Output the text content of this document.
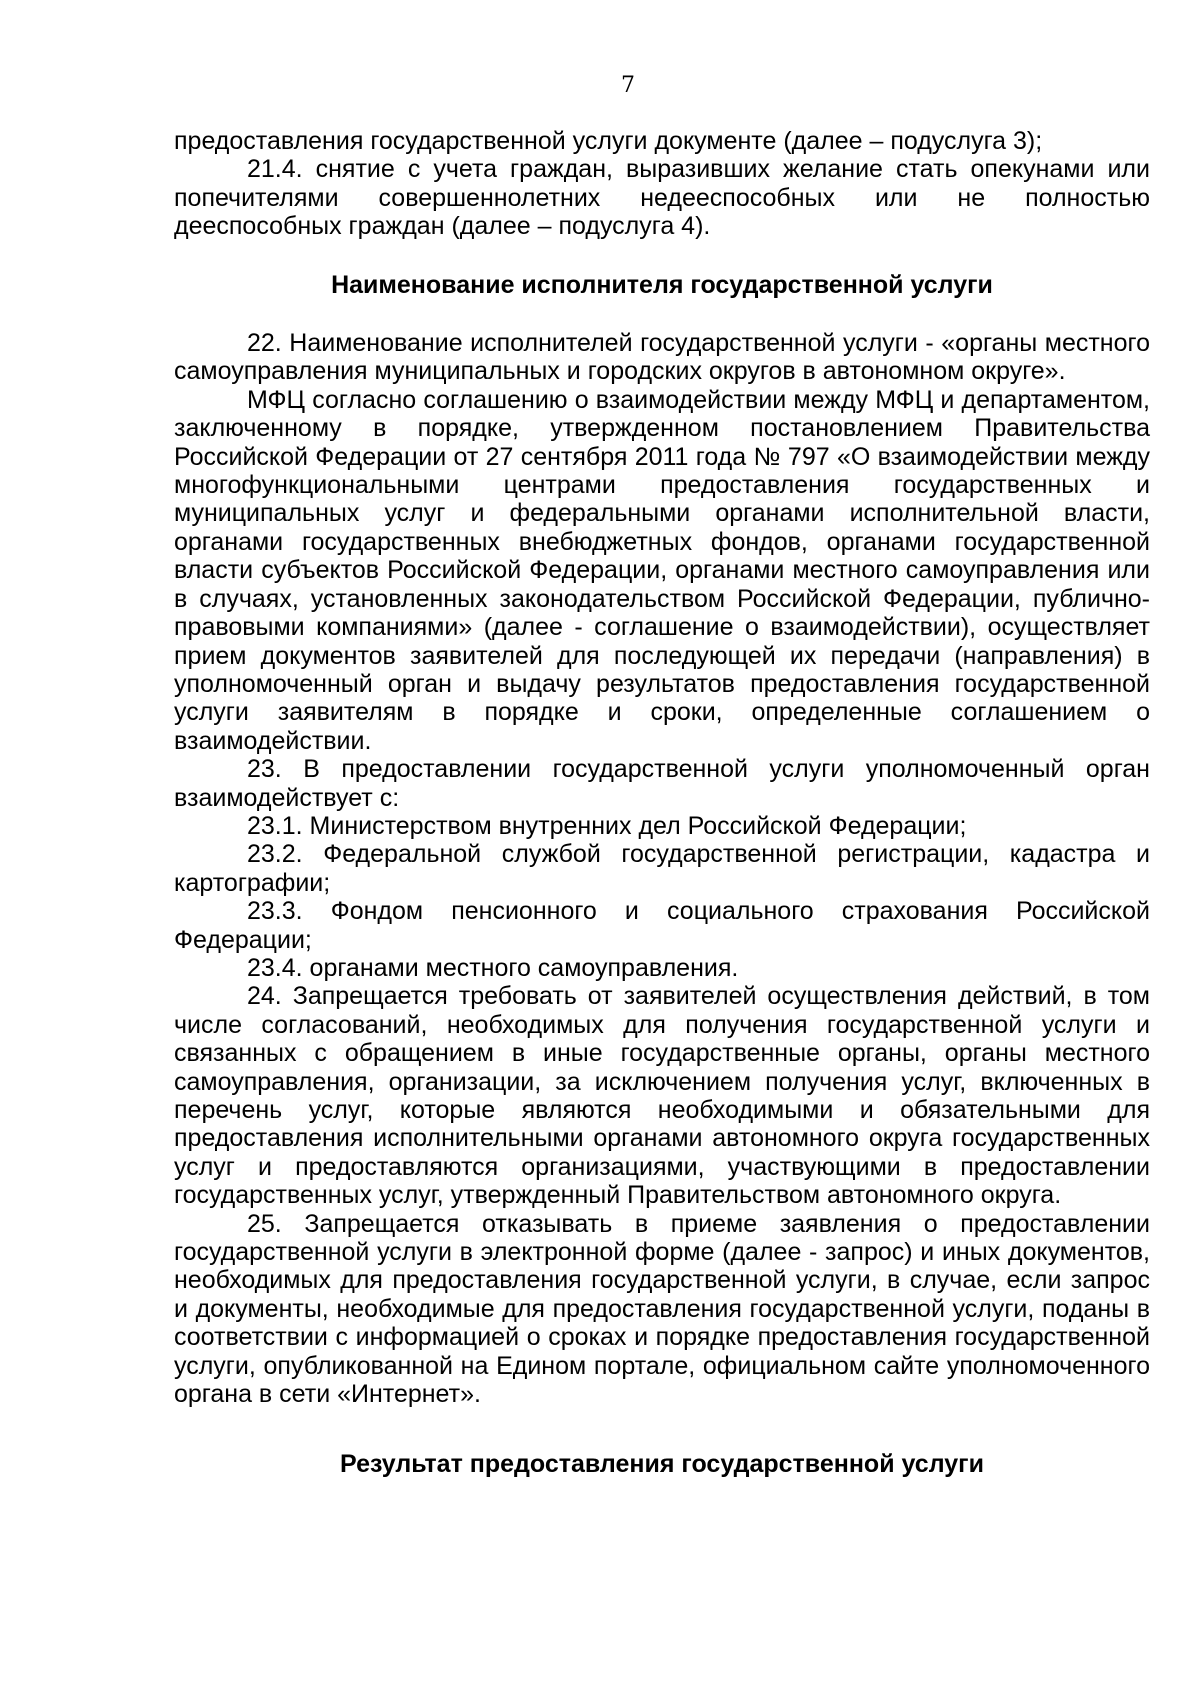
7

предоставления государственной услуги документе (далее – подуслуга 3);

21.4. снятие с учета граждан, выразивших желание стать опекунами или попечителями совершеннолетних недееспособных или не полностью дееспособных граждан (далее – подуслуга 4).

Наименование исполнителя государственной услуги

22. Наименование исполнителей государственной услуги - «органы местного самоуправления муниципальных и городских округов в автономном округе».

МФЦ согласно соглашению о взаимодействии между МФЦ и департаментом, заключенному в порядке, утвержденном постановлением Правительства Российской Федерации от 27 сентября 2011 года № 797 «О взаимодействии между многофункциональными центрами предоставления государственных и муниципальных услуг и федеральными органами исполнительной власти, органами государственных внебюджетных фондов, органами государственной власти субъектов Российской Федерации, органами местного самоуправления или в случаях, установленных законодательством Российской Федерации, публично-правовыми компаниями» (далее - соглашение о взаимодействии), осуществляет прием документов заявителей для последующей их передачи (направления) в уполномоченный орган и выдачу результатов предоставления государственной услуги заявителям в порядке и сроки, определенные соглашением о взаимодействии.

23. В предоставлении государственной услуги уполномоченный орган взаимодействует с:

23.1. Министерством внутренних дел Российской Федерации;

23.2. Федеральной службой государственной регистрации, кадастра и картографии;

23.3. Фондом пенсионного и социального страхования Российской Федерации;

23.4. органами местного самоуправления.

24. Запрещается требовать от заявителей осуществления действий, в том числе согласований, необходимых для получения государственной услуги и связанных с обращением в иные государственные органы, органы местного самоуправления, организации, за исключением получения услуг, включенных в перечень услуг, которые являются необходимыми и обязательными для предоставления исполнительными органами автономного округа государственных услуг и предоставляются организациями, участвующими в предоставлении государственных услуг, утвержденный Правительством автономного округа.

25. Запрещается отказывать в приеме заявления о предоставлении государственной услуги в электронной форме (далее - запрос) и иных документов, необходимых для предоставления государственной услуги, в случае, если запрос и документы, необходимые для предоставления государственной услуги, поданы в соответствии с информацией о сроках и порядке предоставления государственной услуги, опубликованной на Едином портале, официальном сайте уполномоченного органа в сети «Интернет».

Результат предоставления государственной услуги
